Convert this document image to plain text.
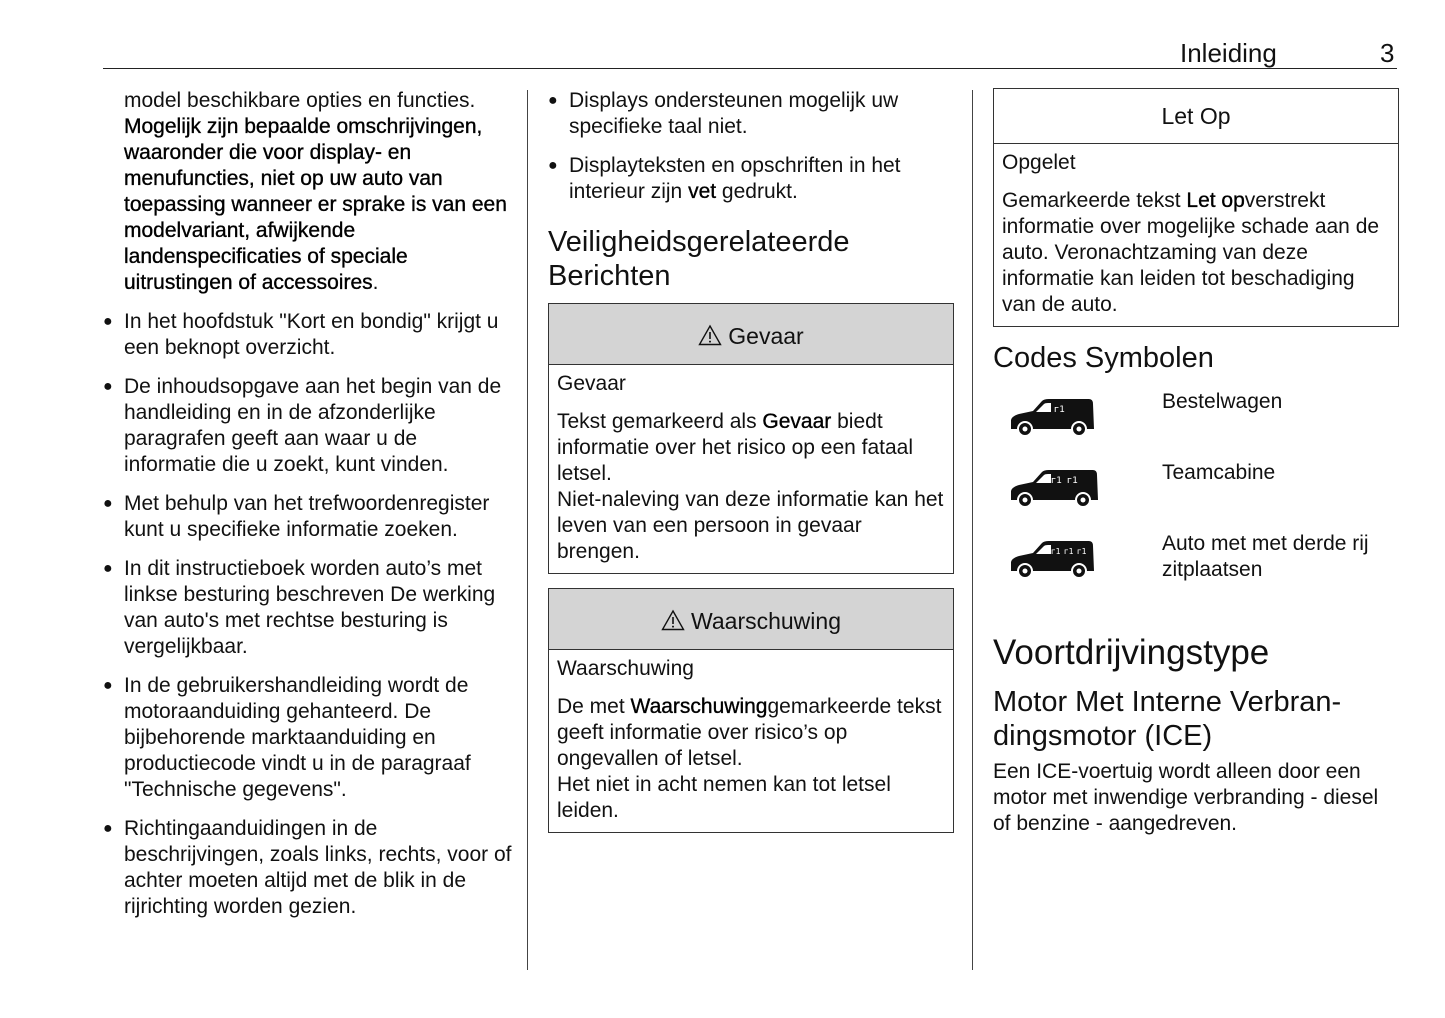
Inleiding	3

model beschikbare opties en functies. Mogelijk zijn bepaalde omschrijvingen, waaronder die voor display- en menufuncties, niet op uw auto van toepassing wanneer er sprake is van een modelvariant, afwijkende landenspecificaties of speciale uitrustingen of accessoires.

● In het hoofdstuk "Kort en bondig" krijgt u een beknopt overzicht.

● De inhoudsopgave aan het begin van de handleiding en in de afzonderlijke paragrafen geeft aan waar u de informatie die u zoekt, kunt vinden.

● Met behulp van het trefwoordenregister kunt u specifieke informatie zoeken.

● In dit instructieboek worden auto’s met linkse besturing beschreven De werking van auto's met rechtse besturing is vergelijkbaar.

● In de gebruikershandleiding wordt de motoraanduiding gehanteerd. De bijbehorende marktaanduiding en productiecode vindt u in de paragraaf "Technische gegevens".

● Richtingaanduidingen in de beschrijvingen, zoals links, rechts, voor of achter moeten altijd met de blik in de rijrichting worden gezien.

● Displays ondersteunen mogelijk uw specifieke taal niet.

● Displayteksten en opschriften in het interieur zijn vet gedrukt.

Veiligheidsgerelateerde Berichten
Gevaar

Gevaar

Tekst gemarkeerd als Gevaar biedt informatie over het risico op een fataal letsel.

Niet-naleving van deze informatie kan het leven van een persoon in gevaar brengen.

Waarschuwing

Waarschuwing

De met Waarschuwinggemarkeerde tekst geeft informatie over risico’s op ongevallen of letsel.

Het niet in acht nemen kan tot letsel leiden.

Let Op

Opgelet

Gemarkeerde tekst Let opverstrekt informatie over mogelijke schade aan de auto. Veronachtzaming van deze informatie kan leiden tot beschadiging van de auto.

Codes Symbolen
ᴦ1	Bestelwagen
ᴦ1 ᴦ1	Teamcabine
ᴦ1 ᴦ1 ᴦ1	Auto met met derde rij zitplaatsen
Voortdrijvingstype
Motor Met Interne Verbrandingsmotor (ICE)

Een ICE-voertuig wordt alleen door een motor met inwendige verbranding - diesel of benzine - aangedreven.
